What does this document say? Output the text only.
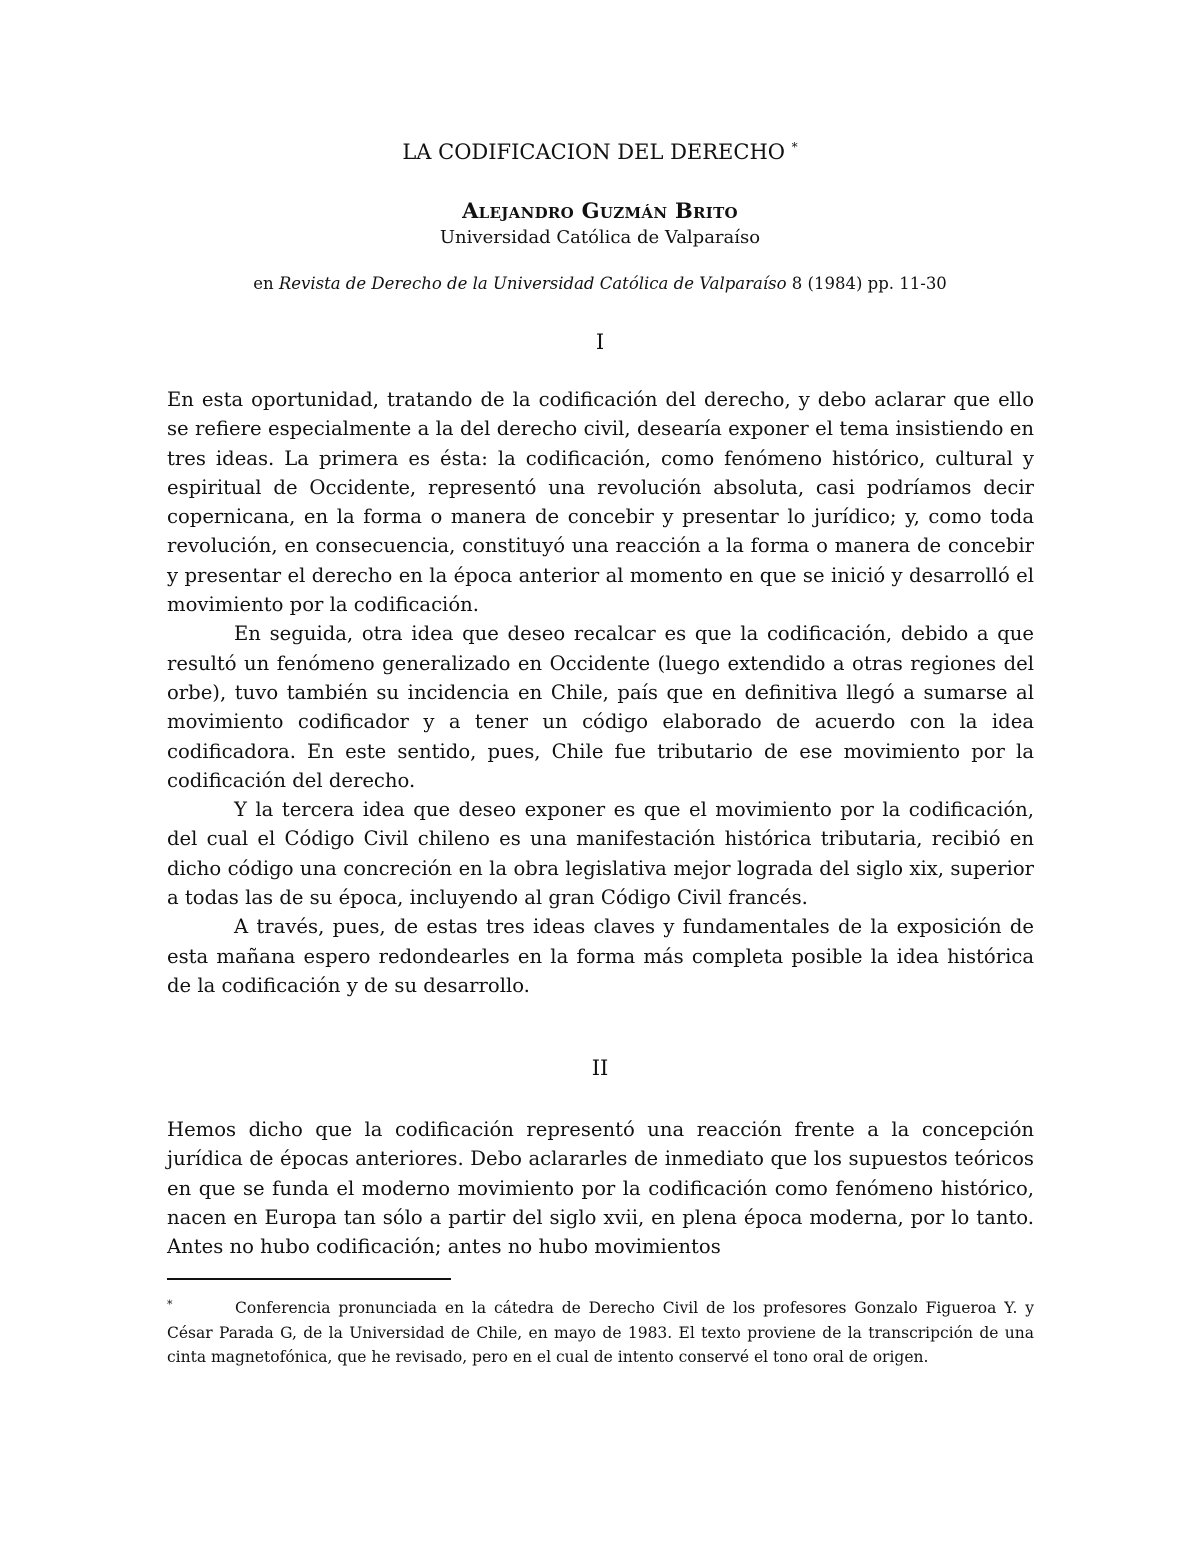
LA CODIFICACION DEL DERECHO *
Alejandro Guzmán Brito
Universidad Católica de Valparaíso
en Revista de Derecho de la Universidad Católica de Valparaíso 8 (1984) pp. 11-30
I

En esta oportunidad, tratando de la codificación del derecho, y debo aclarar que ello se refiere especialmente a la del derecho civil, desearía exponer el tema insistiendo en tres ideas. La primera es ésta: la codificación, como fenómeno histórico, cultural y espiritual de Occidente, representó una revolución absoluta, casi podríamos decir copernicana, en la forma o manera de concebir y presentar lo jurídico; y, como toda revolución, en consecuencia, constituyó una reacción a la forma o manera de concebir y presentar el derecho en la época anterior al momento en que se inició y desarrolló el movimiento por la codificación.

En seguida, otra idea que deseo recalcar es que la codificación, debido a que resultó un fenómeno generalizado en Occidente (luego extendido a otras regiones del orbe), tuvo también su incidencia en Chile, país que en definitiva llegó a sumarse al movimiento codificador y a tener un código elaborado de acuerdo con la idea codificadora. En este sentido, pues, Chile fue tributario de ese movimiento por la codificación del derecho.

Y la tercera idea que deseo exponer es que el movimiento por la codificación, del cual el Código Civil chileno es una manifestación histórica tributaria, recibió en dicho código una concreción en la obra legislativa mejor lograda del siglo xix, superior a todas las de su época, incluyendo al gran Código Civil francés.

A través, pues, de estas tres ideas claves y fundamentales de la exposición de esta mañana espero redondearles en la forma más completa posible la idea histórica de la codificación y de su desarrollo.

II

Hemos dicho que la codificación representó una reacción frente a la concepción jurídica de épocas anteriores. Debo aclararles de inmediato que los supuestos teóricos en que se funda el moderno movimiento por la codificación como fenómeno histórico, nacen en Europa tan sólo a partir del siglo xvii, en plena época moderna, por lo tanto. Antes no hubo codificación; antes no hubo movimientos

*	Conferencia pronunciada en la cátedra de Derecho Civil de los profesores Gonzalo Figueroa Y. y César Parada G, de la Universidad de Chile, en mayo de 1983. El texto proviene de la transcripción de una cinta magnetofónica, que he revisado, pero en el cual de intento conservé el tono oral de origen.
